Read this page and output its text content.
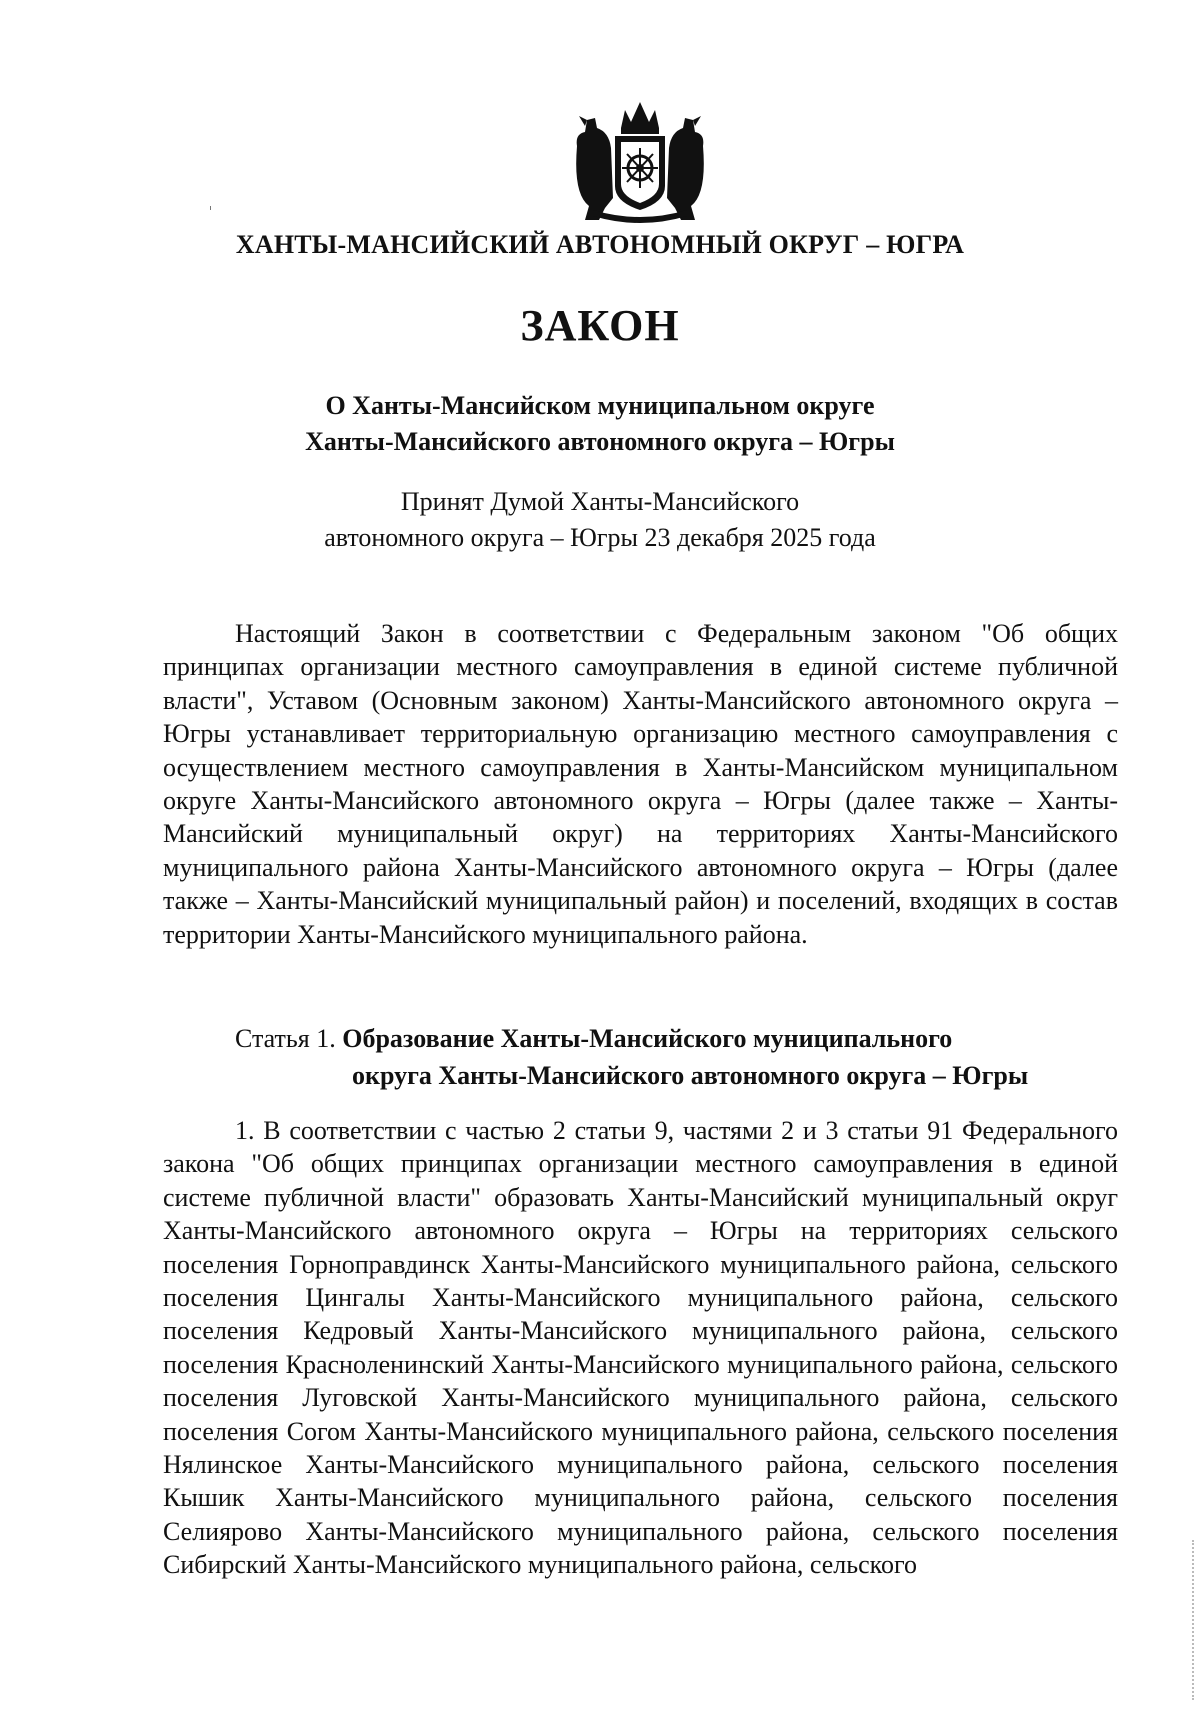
ХАНТЫ-МАНСИЙСКИЙ АВТОНОМНЫЙ ОКРУГ – ЮГРА
ЗАКОН
О Ханты-Мансийском муниципальном округе
Ханты-Мансийского автономного округа – Югры
Принят Думой Ханты-Мансийского
автономного округа – Югры 23 декабря 2025 года
Настоящий Закон в соответствии с Федеральным законом "Об общих принципах организации местного самоуправления в единой системе публичной власти", Уставом (Основным законом) Ханты-Мансийского автономного округа – Югры устанавливает территориальную организацию местного самоуправления с осуществлением местного самоуправления в Ханты-Мансийском муниципальном округе Ханты-Мансийского автономного округа – Югры (далее также – Ханты-Мансийский муниципальный округ) на территориях Ханты-Мансийского муниципального района Ханты-Мансийского автономного округа – Югры (далее также – Ханты-Мансийский муниципальный район) и поселений, входящих в состав территории Ханты-Мансийского муниципального района.
Статья 1. Образование Ханты-Мансийского муниципального
округа Ханты-Мансийского автономного округа – Югры
1. В соответствии с частью 2 статьи 9, частями 2 и 3 статьи 91 Федерального закона "Об общих принципах организации местного самоуправления в единой системе публичной власти" образовать Ханты-Мансийский муниципальный округ Ханты-Мансийского автономного округа – Югры на территориях сельского поселения Горноправдинск Ханты-Мансийского муниципального района, сельского поселения Цингалы Ханты-Мансийского муниципального района, сельского поселения Кедровый Ханты-Мансийского муниципального района, сельского поселения Красноленинский Ханты-Мансийского муниципального района, сельского поселения Луговской Ханты-Мансийского муниципального района, сельского поселения Согом Ханты-Мансийского муниципального района, сельского поселения Нялинское Ханты-Мансийского муниципального района, сельского поселения Кышик Ханты-Мансийского муниципального района, сельского поселения Селиярово Ханты-Мансийского муниципального района, сельского поселения Сибирский Ханты-Мансийского муниципального района, сельского
